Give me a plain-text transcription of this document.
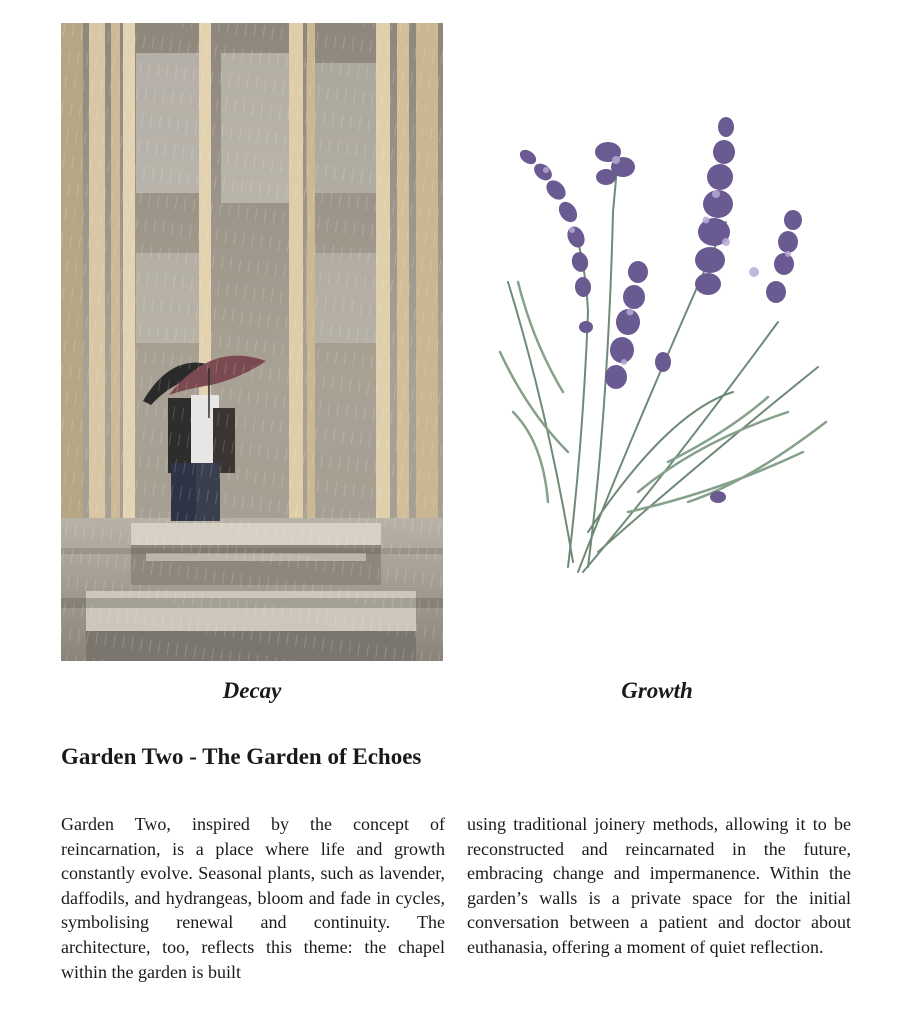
Decay	Growth
Garden Two - The Garden of Echoes

Garden Two, inspired by the concept of reincarnation, is a place where life and growth constantly evolve. Seasonal plants, such as lavender, daffodils, and hydrangeas, bloom and fade in cycles, symbolising renewal and continuity. The architecture, too, reflects this theme: the chapel within the garden is built

using traditional joinery methods, allowing it to be reconstructed and reincarnated in the future, embracing change and impermanence. Within the garden’s walls is a private space for the initial conversation between a patient and doctor about euthanasia, offering a moment of quiet reflection.
